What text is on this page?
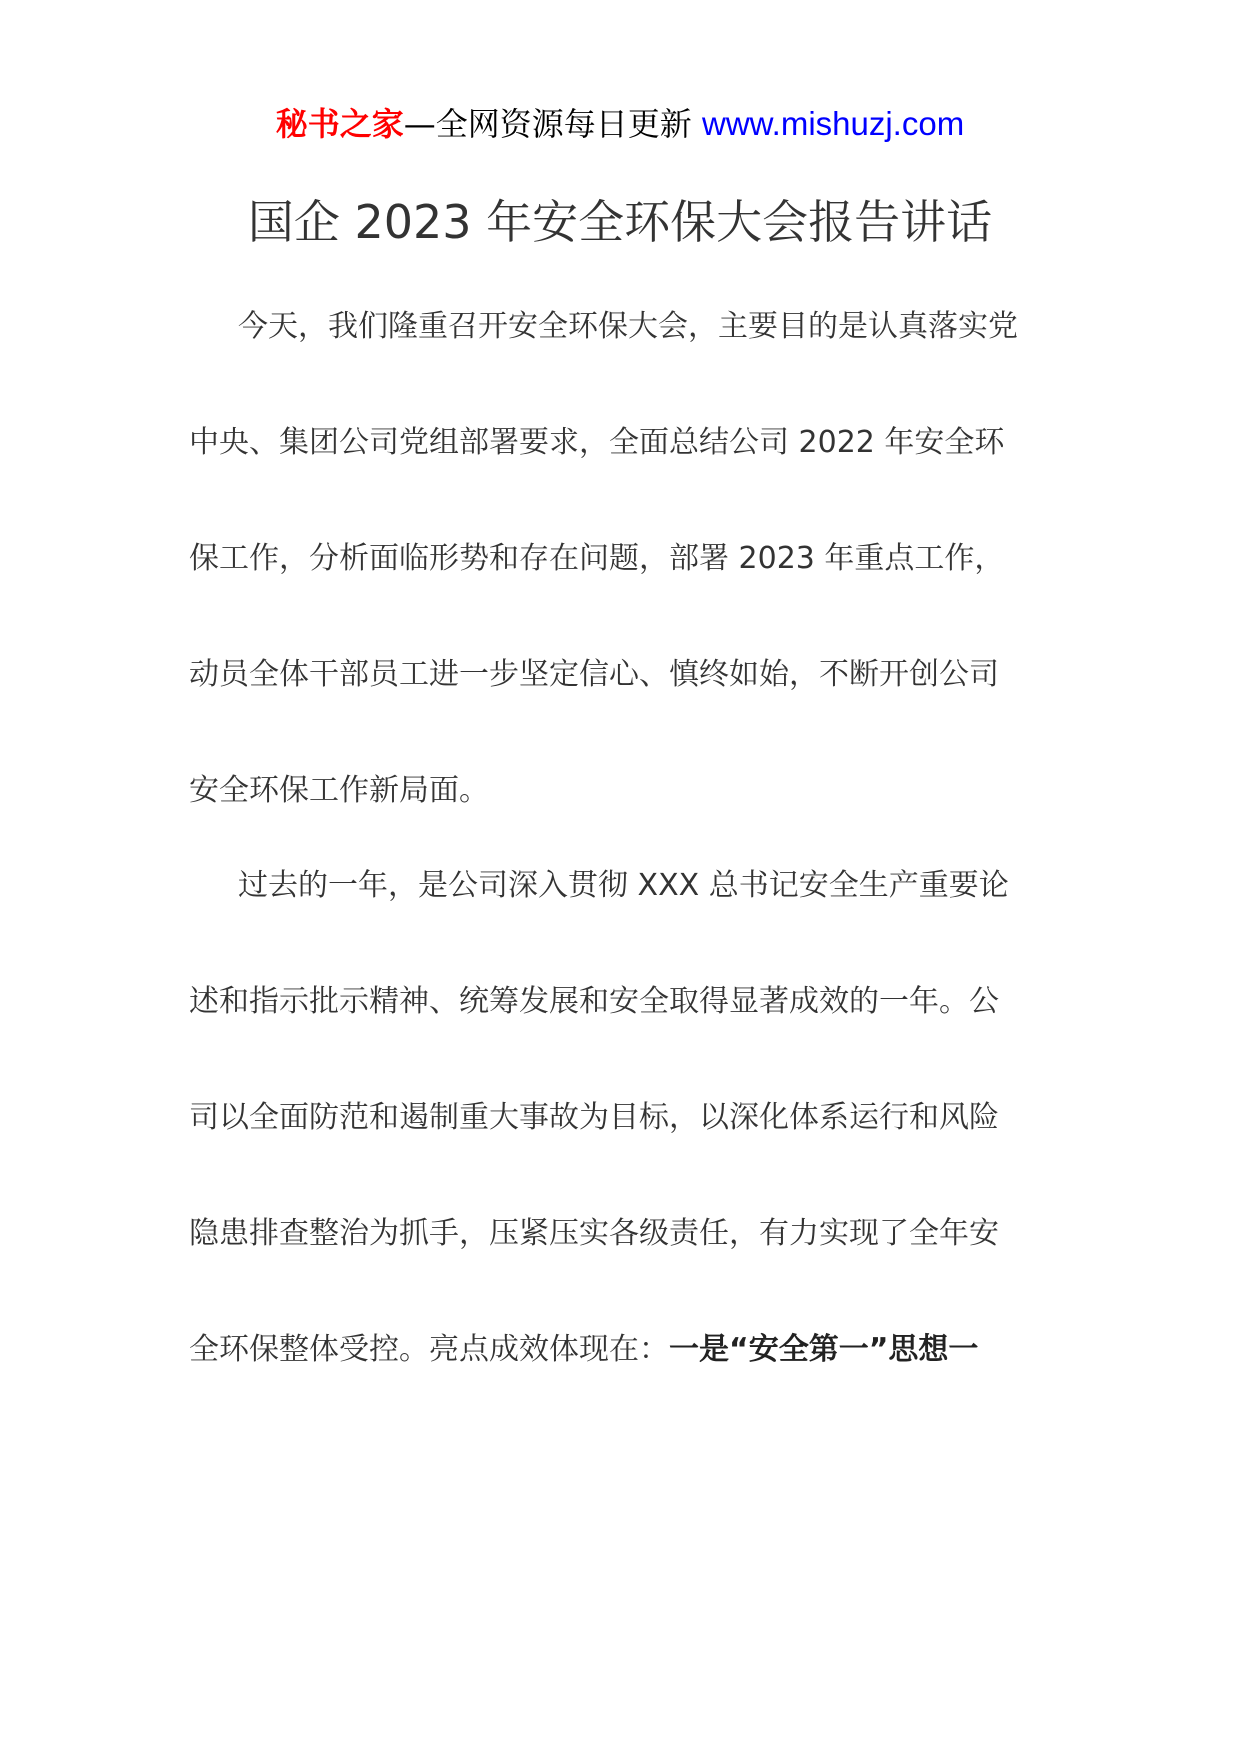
秘书之家—全网资源每日更新 www.mishuzj.com
国企 2023 年安全环保大会报告讲话
今天，我们隆重召开安全环保大会，主要目的是认真落实党
中央、集团公司党组部署要求，全面总结公司 2022 年安全环
保工作，分析面临形势和存在问题，部署 2023 年重点工作，
动员全体干部员工进一步坚定信心、慎终如始，不断开创公司
安全环保工作新局面。
过去的一年，是公司深入贯彻 XXX 总书记安全生产重要论
述和指示批示精神、统筹发展和安全取得显著成效的一年。公
司以全面防范和遏制重大事故为目标，以深化体系运行和风险
隐患排查整治为抓手，压紧压实各级责任，有力实现了全年安
全环保整体受控。亮点成效体现在：一是“安全第一”思想一
